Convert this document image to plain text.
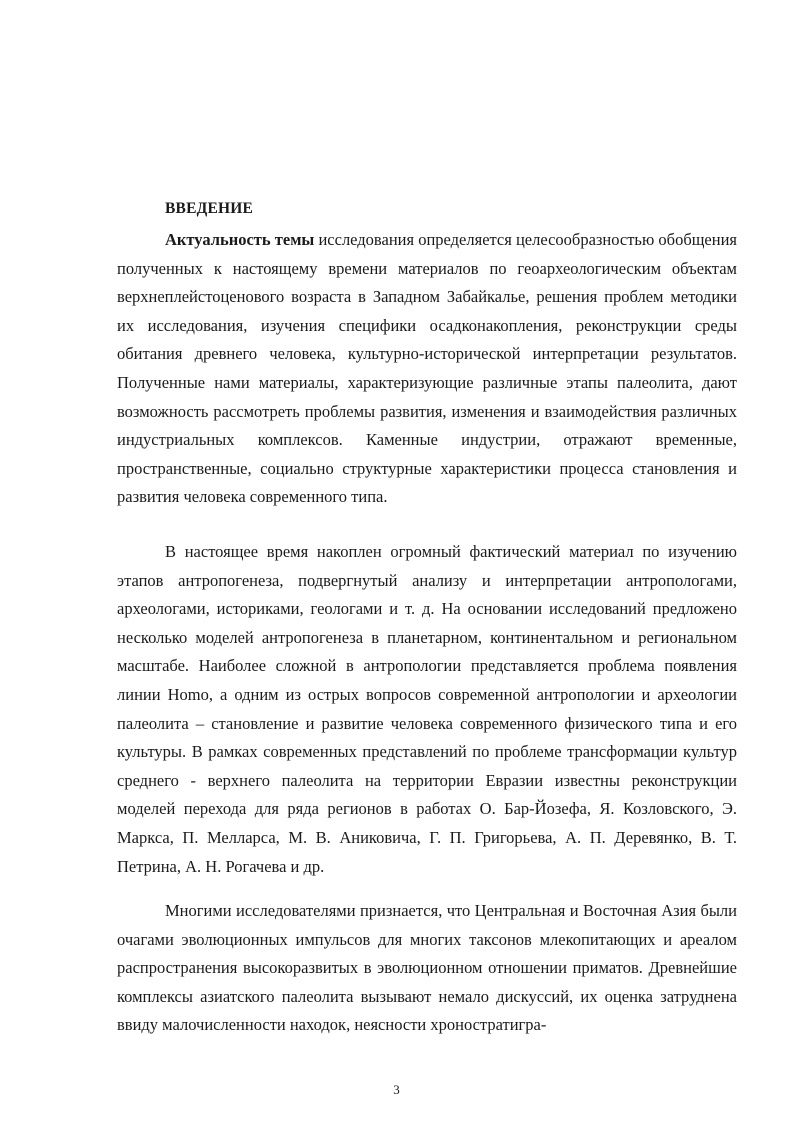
ВВЕДЕНИЕ

Актуальность темы исследования определяется целесообразностью обобщения полученных к настоящему времени материалов по геоархеологическим объектам верхнеплейстоценового возраста в Западном Забайкалье, решения проблем методики их исследования, изучения специфики осадконакопления, реконструкции среды обитания древнего человека, культурно-исторической интерпретации результатов. Полученные нами материалы, характеризующие различные этапы палеолита, дают возможность рассмотреть проблемы развития, изменения и взаимодействия различных индустриальных комплексов. Каменные индустрии, отражают временные, пространственные, социально структурные характеристики процесса становления и развития человека современного типа.

В настоящее время накоплен огромный фактический материал по изучению этапов антропогенеза, подвергнутый анализу и интерпретации антропологами, археологами, историками, геологами и т. д. На основании исследований предложено несколько моделей антропогенеза в планетарном, континентальном и региональном масштабе. Наиболее сложной в антропологии представляется проблема появления линии Homo, а одним из острых вопросов современной антропологии и археологии палеолита – становление и развитие человека современного физического типа и его культуры. В рамках современных представлений по проблеме трансформации культур среднего - верхнего палеолита на территории Евразии известны реконструкции моделей перехода для ряда регионов в работах О. Бар-Йозефа, Я. Козловского, Э. Маркса, П. Мелларса, М. В. Аниковича, Г. П. Григорьева, А. П. Деревянко, В. Т. Петрина, А. Н. Рогачева и др.

Многими исследователями признается, что Центральная и Восточная Азия были очагами эволюционных импульсов для многих таксонов млекопитающих и ареалом распространения высокоразвитых в эволюционном отношении приматов. Древнейшие комплексы азиатского палеолита вызывают немало дискуссий, их оценка затруднена ввиду малочисленности находок, неясности хроностратигра-

3
